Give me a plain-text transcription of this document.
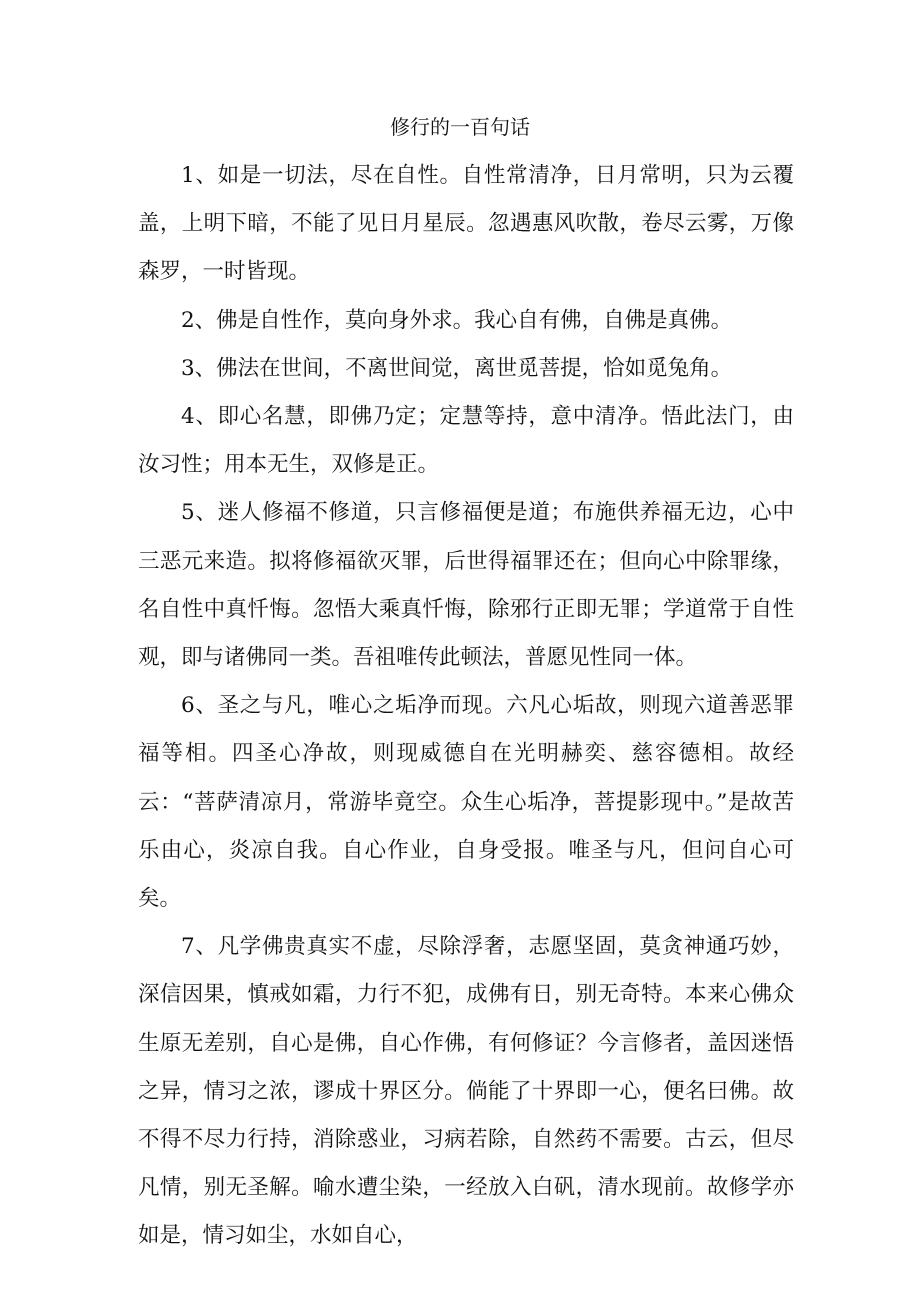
修行的一百句话

1、如是一切法，尽在自性。自性常清净，日月常明，只为云覆盖，上明下暗，不能了见日月星辰。忽遇惠风吹散，卷尽云雾，万像森罗，一时皆现。

2、佛是自性作，莫向身外求。我心自有佛，自佛是真佛。

3、佛法在世间，不离世间觉，离世觅菩提，恰如觅兔角。

4、即心名慧，即佛乃定；定慧等持，意中清净。悟此法门，由汝习性；用本无生，双修是正。

5、迷人修福不修道，只言修福便是道；布施供养福无边，心中三恶元来造。拟将修福欲灭罪，后世得福罪还在；但向心中除罪缘，名自性中真忏悔。忽悟大乘真忏悔，除邪行正即无罪；学道常于自性观，即与诸佛同一类。吾祖唯传此顿法，普愿见性同一体。

6、圣之与凡，唯心之垢净而现。六凡心垢故，则现六道善恶罪福等相。四圣心净故，则现威德自在光明赫奕、慈容德相。故经云：“菩萨清凉月，常游毕竟空。众生心垢净，菩提影现中。”是故苦乐由心，炎凉自我。自心作业，自身受报。唯圣与凡，但问自心可矣。

7、凡学佛贵真实不虚，尽除浮奢，志愿坚固，莫贪神通巧妙，深信因果，慎戒如霜，力行不犯，成佛有日，别无奇特。本来心佛众生原无差别，自心是佛，自心作佛，有何修证？今言修者，盖因迷悟之异，情习之浓，谬成十界区分。倘能了十界即一心，便名曰佛。故不得不尽力行持，消除惑业，习病若除，自然药不需要。古云，但尽凡情，别无圣解。喻水遭尘染，一经放入白矾，清水现前。故修学亦如是，情习如尘，水如自心，
